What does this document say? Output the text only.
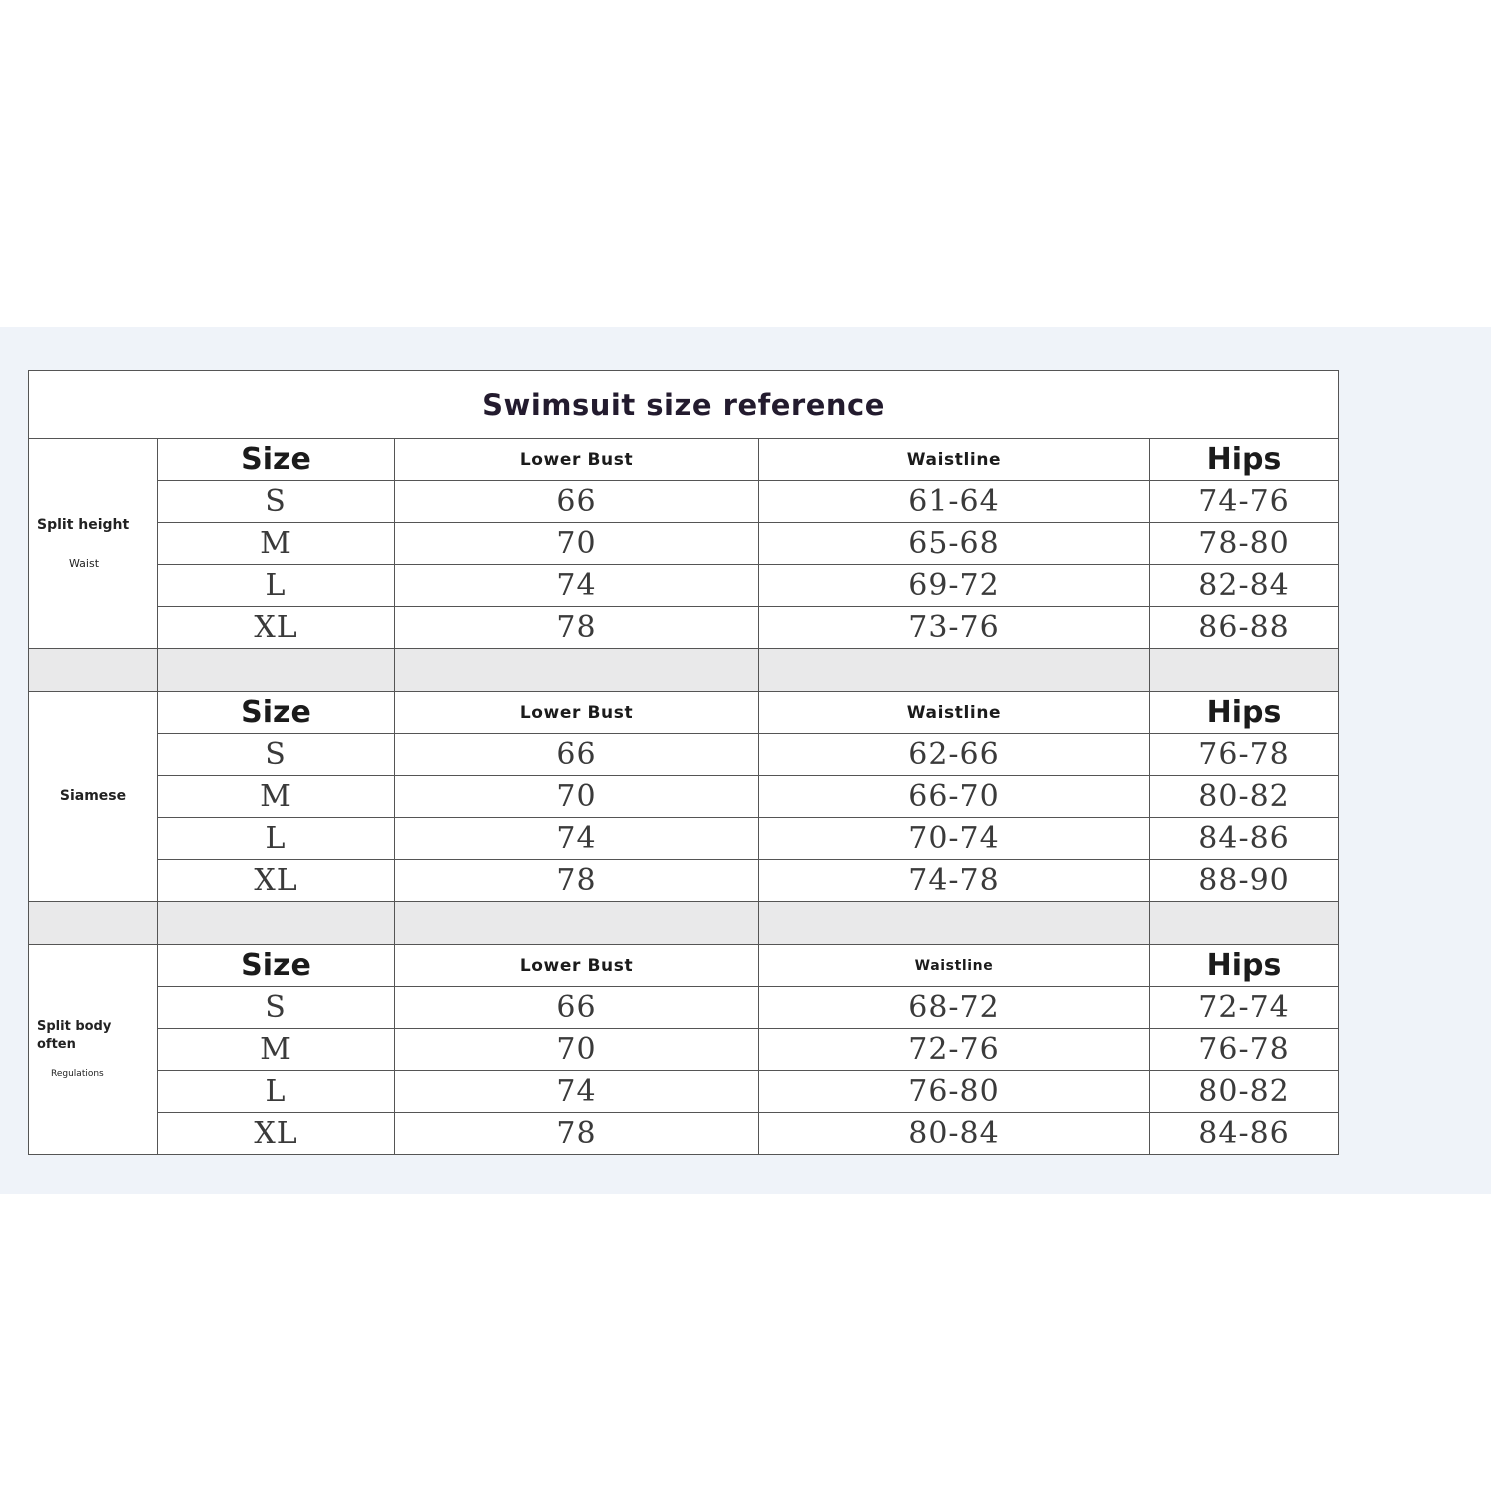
Swimsuit size reference				
Split height
Waist	Size	Lower Bust	Waistline	Hips
	S	66	61-64	74-76
	M	70	65-68	78-80
	L	74	69-72	82-84
	XL	78	73-76	86-88

Siamese	Size	Lower Bust	Waistline	Hips
	S	66	62-66	76-78
	M	70	66-70	80-82
	L	74	70-74	84-86
	XL	78	74-78	88-90

Split body often
Regulations	Size	Lower Bust	Waistline	Hips
	S	66	68-72	72-74
	M	70	72-76	76-78
	L	74	76-80	80-82
	XL	78	80-84	84-86
